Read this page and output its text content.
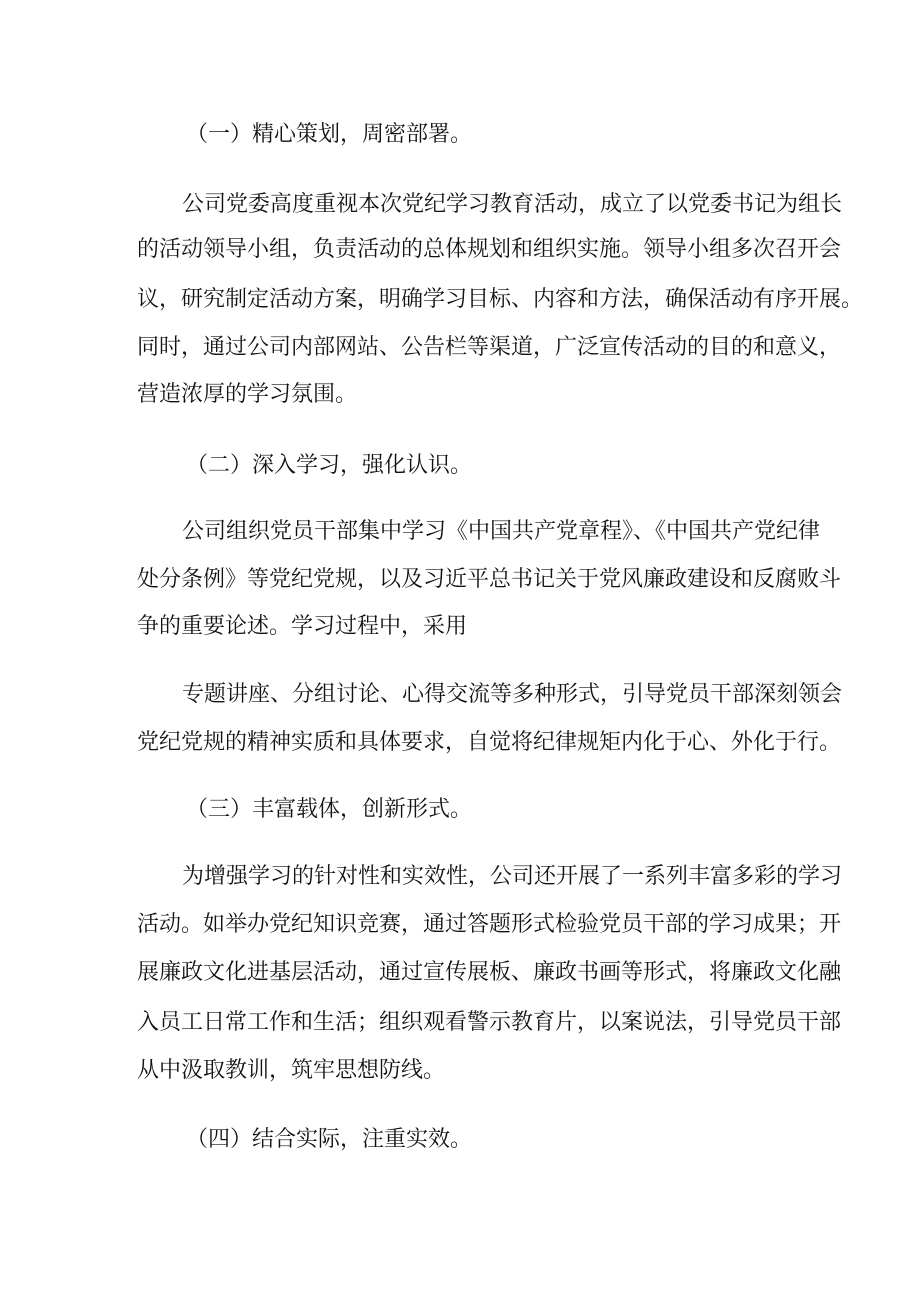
（一）精心策划，周密部署。
公司党委高度重视本次党纪学习教育活动，成立了以党委书记为组长
的活动领导小组，负责活动的总体规划和组织实施。领导小组多次召开会
议，研究制定活动方案，明确学习目标、内容和方法，确保活动有序开展。
同时，通过公司内部网站、公告栏等渠道，广泛宣传活动的目的和意义，
营造浓厚的学习氛围。
（二）深入学习，强化认识。
公司组织党员干部集中学习《中国共产党章程》、《中国共产党纪律
处分条例》等党纪党规，以及习近平总书记关于党风廉政建设和反腐败斗
争的重要论述。学习过程中，采用
专题讲座、分组讨论、心得交流等多种形式，引导党员干部深刻领会
党纪党规的精神实质和具体要求，自觉将纪律规矩内化于心、外化于行。
（三）丰富载体，创新形式。
为增强学习的针对性和实效性，公司还开展了一系列丰富多彩的学习
活动。如举办党纪知识竞赛，通过答题形式检验党员干部的学习成果；开
展廉政文化进基层活动，通过宣传展板、廉政书画等形式，将廉政文化融
入员工日常工作和生活；组织观看警示教育片，以案说法，引导党员干部
从中汲取教训，筑牢思想防线。
（四）结合实际，注重实效。
